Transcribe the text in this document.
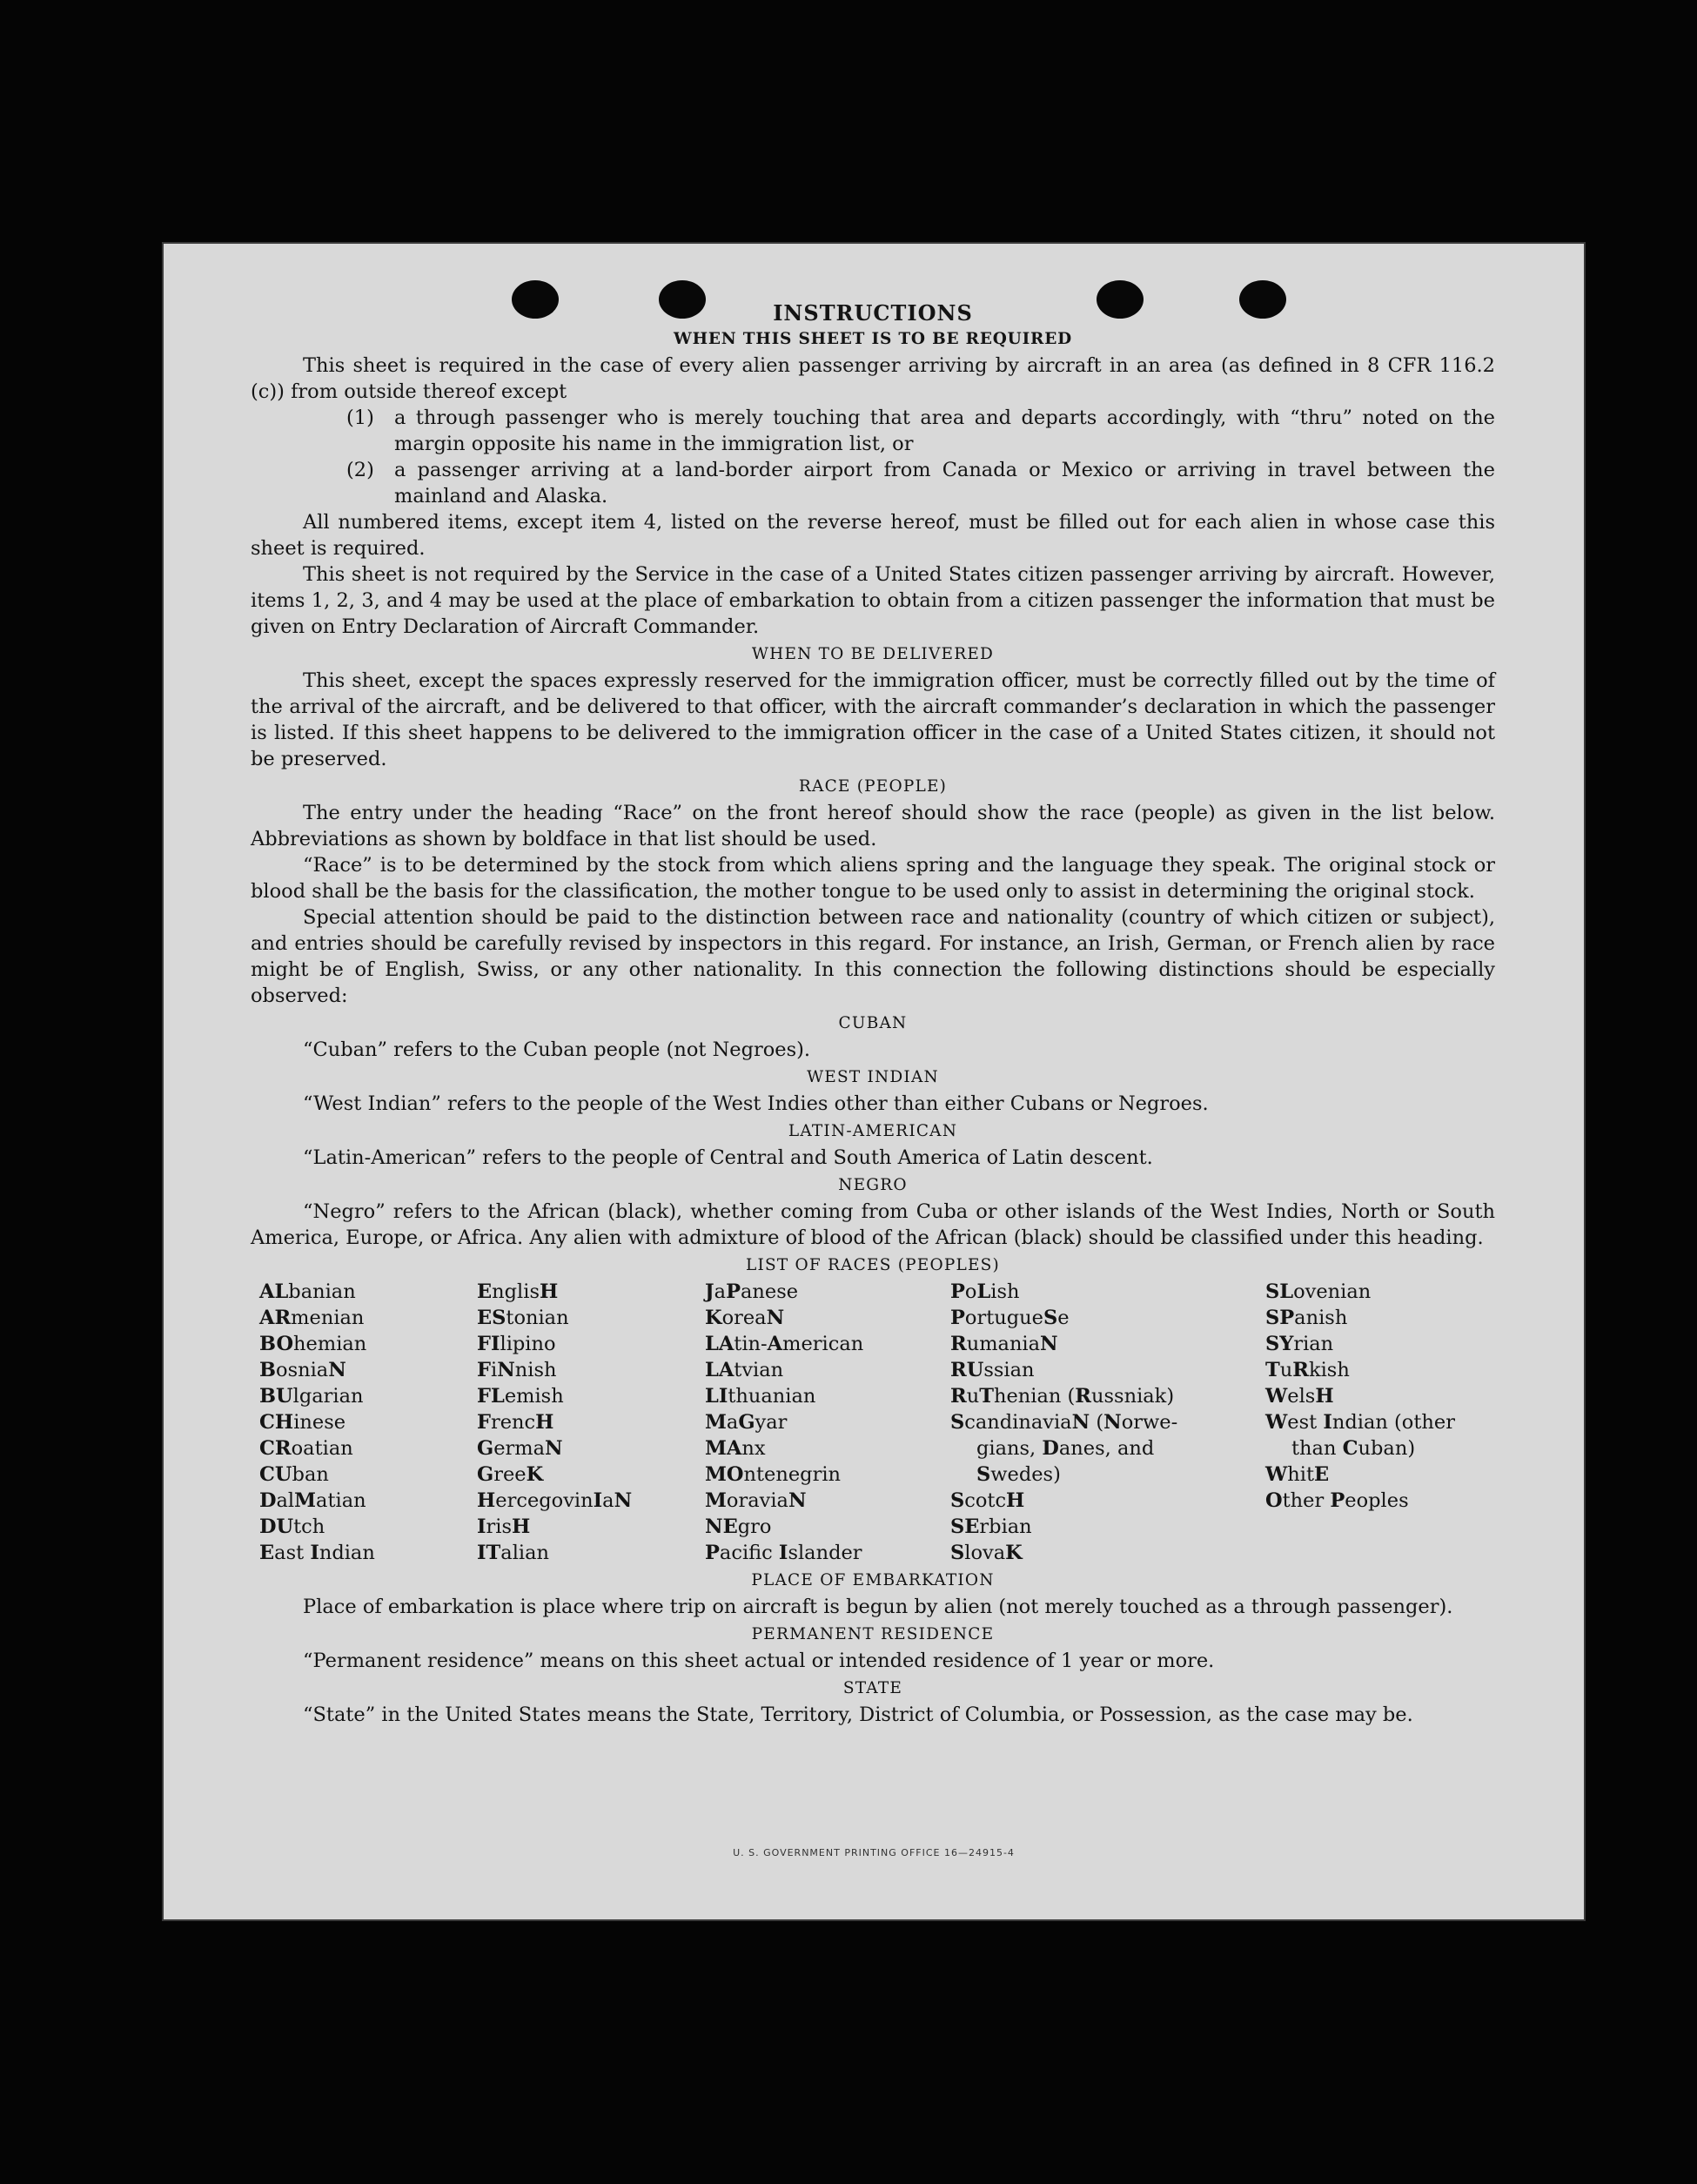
INSTRUCTIONS
WHEN THIS SHEET IS TO BE REQUIRED

This sheet is required in the case of every alien passenger arriving by aircraft in an area (as defined in 8 CFR 116.2 (c)) from outside thereof except

(1)	a through passenger who is merely touching that area and departs accordingly, with “thru” noted on the margin opposite his name in the immigration list, or
(2)	a passenger arriving at a land-border airport from Canada or Mexico or arriving in travel between the mainland and Alaska.

All numbered items, except item 4, listed on the reverse hereof, must be filled out for each alien in whose case this sheet is required.

This sheet is not required by the Service in the case of a United States citizen passenger arriving by aircraft. However, items 1, 2, 3, and 4 may be used at the place of embarkation to obtain from a citizen passenger the information that must be given on Entry Declaration of Aircraft Commander.

WHEN TO BE DELIVERED

This sheet, except the spaces expressly reserved for the immigration officer, must be correctly filled out by the time of the arrival of the aircraft, and be delivered to that officer, with the aircraft commander’s declaration in which the passenger is listed. If this sheet happens to be delivered to the immigration officer in the case of a United States citizen, it should not be preserved.

RACE (PEOPLE)

The entry under the heading “Race” on the front hereof should show the race (people) as given in the list below. Abbreviations as shown by boldface in that list should be used.

“Race” is to be determined by the stock from which aliens spring and the language they speak. The original stock or blood shall be the basis for the classification, the mother tongue to be used only to assist in determining the original stock.

Special attention should be paid to the distinction between race and nationality (country of which citizen or subject), and entries should be carefully revised by inspectors in this regard. For instance, an Irish, German, or French alien by race might be of English, Swiss, or any other nationality. In this connection the following distinctions should be especially observed:

CUBAN

“Cuban” refers to the Cuban people (not Negroes).

WEST INDIAN

“West Indian” refers to the people of the West Indies other than either Cubans or Negroes.

LATIN-AMERICAN

“Latin-American” refers to the people of Central and South America of Latin descent.

NEGRO

“Negro” refers to the African (black), whether coming from Cuba or other islands of the West Indies, North or South America, Europe, or Africa. Any alien with admixture of blood of the African (black) should be classified under this heading.

LIST OF RACES (PEOPLES)
ALbanian
ARmenian
BOhemian
BosniaN
BUlgarian
CHinese
CRoatian
CUban
DalMatian
DUtch
East Indian
EnglisH
EStonian
FIlipino
FiNnish
FLemish
FrencH
GermaN
GreeK
HercegovinIaN
IrisH
ITalian
JaPanese
KoreaN
LAtin-American
LAtvian
LIthuanian
MaGyar
MAnx
MOntenegrin
MoraviaN
NEgro
Pacific Islander
PoLish
PortugueSe
RumaniaN
RUssian
RuThenian (Russniak)
ScandinaviaN (Norwe-
gians, Danes, and
Swedes)
ScotcH
SErbian
SlovaK
SLovenian
SPanish
SYrian
TuRkish
WelsH
West Indian (other
than Cuban)
WhitE
Other Peoples
PLACE OF EMBARKATION

Place of embarkation is place where trip on aircraft is begun by alien (not merely touched as a through passenger).

PERMANENT RESIDENCE

“Permanent residence” means on this sheet actual or intended residence of 1 year or more.

STATE

“State” in the United States means the State, Territory, District of Columbia, or Possession, as the case may be.

U. S. GOVERNMENT PRINTING OFFICE 16—24915-4
